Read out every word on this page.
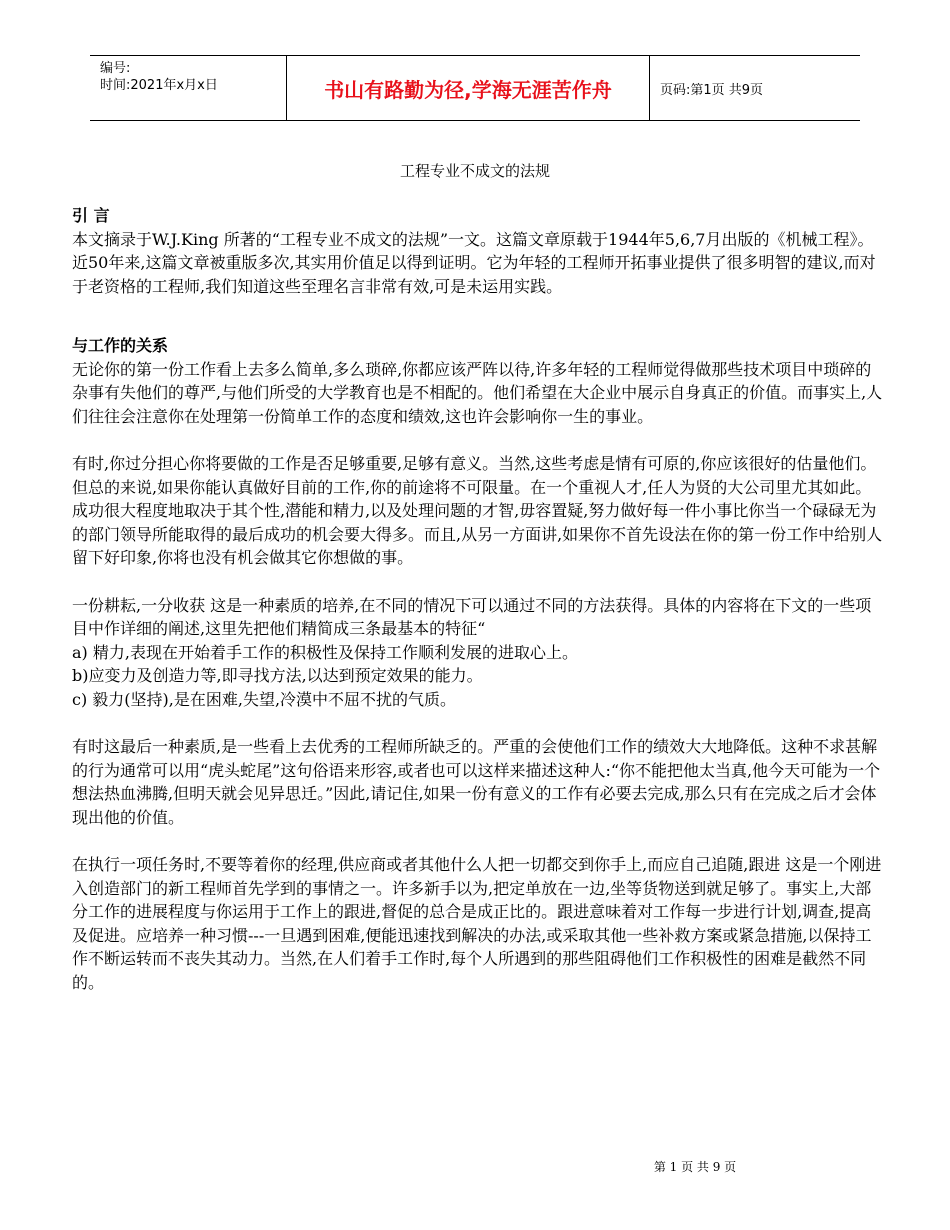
编号:
时间:2021年x月x日	书山有路勤为径,学海无涯苦作舟	页码:第1页 共9页
工程专业不成文的法规

引 言

本文摘录于W.J.King 所著的“工程专业不成文的法规”一文。这篇文章原载于1944年5,6,7月出版的《机械工程》。近50年来,这篇文章被重版多次,其实用价值足以得到证明。它为年轻的工程师开拓事业提供了很多明智的建议,而对于老资格的工程师,我们知道这些至理名言非常有效,可是未运用实践。

与工作的关系

无论你的第一份工作看上去多么简单,多么琐碎,你都应该严阵以待,许多年轻的工程师觉得做那些技术项目中琐碎的杂事有失他们的尊严,与他们所受的大学教育也是不相配的。他们希望在大企业中展示自身真正的价值。而事实上,人们往往会注意你在处理第一份简单工作的态度和绩效,这也许会影响你一生的事业。

有时,你过分担心你将要做的工作是否足够重要,足够有意义。当然,这些考虑是情有可原的,你应该很好的估量他们。但总的来说,如果你能认真做好目前的工作,你的前途将不可限量。在一个重视人才,任人为贤的大公司里尤其如此。成功很大程度地取决于其个性,潜能和精力,以及处理问题的才智,毋容置疑,努力做好每一件小事比你当一个碌碌无为的部门领导所能取得的最后成功的机会要大得多。而且,从另一方面讲,如果你不首先设法在你的第一份工作中给别人留下好印象,你将也没有机会做其它你想做的事。

一份耕耘,一分收获 这是一种素质的培养,在不同的情况下可以通过不同的方法获得。具体的内容将在下文的一些项目中作详细的阐述,这里先把他们精简成三条最基本的特征“

a) 精力,表现在开始着手工作的积极性及保持工作顺利发展的进取心上。

b)应变力及创造力等,即寻找方法,以达到预定效果的能力。

c) 毅力(坚持),是在困难,失望,冷漠中不屈不扰的气质。

有时这最后一种素质,是一些看上去优秀的工程师所缺乏的。严重的会使他们工作的绩效大大地降低。这种不求甚解的行为通常可以用“虎头蛇尾”这句俗语来形容,或者也可以这样来描述这种人:“你不能把他太当真,他今天可能为一个想法热血沸腾,但明天就会见异思迁。”因此,请记住,如果一份有意义的工作有必要去完成,那么只有在完成之后才会体现出他的价值。

在执行一项任务时,不要等着你的经理,供应商或者其他什么人把一切都交到你手上,而应自己追随,跟进 这是一个刚进入创造部门的新工程师首先学到的事情之一。许多新手以为,把定单放在一边,坐等货物送到就足够了。事实上,大部分工作的进展程度与你运用于工作上的跟进,督促的总合是成正比的。跟进意味着对工作每一步进行计划,调查,提高及促进。应培养一种习惯---一旦遇到困难,便能迅速找到解决的办法,或采取其他一些补救方案或紧急措施,以保持工作不断运转而不丧失其动力。当然,在人们着手工作时,每个人所遇到的那些阻碍他们工作积极性的困难是截然不同的。

第 1 页 共 9 页
